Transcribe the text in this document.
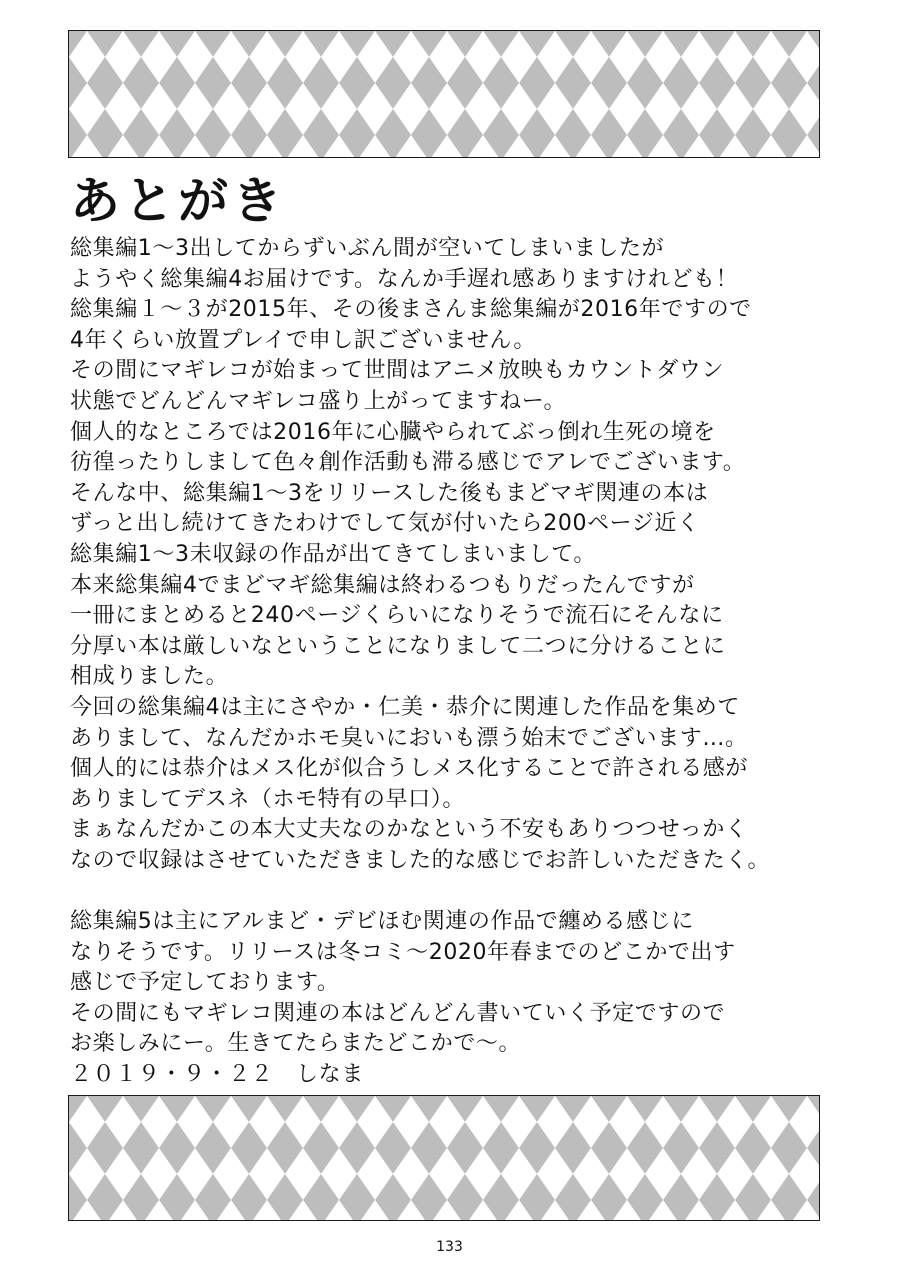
あとがき
総集編1〜3出してからずいぶん間が空いてしまいましたが
ようやく総集編4お届けです。なんか手遅れ感ありますけれども！
総集編１〜３が2015年、その後まさんま総集編が2016年ですので
4年くらい放置プレイで申し訳ございません。
その間にマギレコが始まって世間はアニメ放映もカウントダウン
状態でどんどんマギレコ盛り上がってますねー。
個人的なところでは2016年に心臓やられてぶっ倒れ生死の境を
彷徨ったりしまして色々創作活動も滞る感じでアレでございます。
そんな中、総集編1〜3をリリースした後もまどマギ関連の本は
ずっと出し続けてきたわけでして気が付いたら200ページ近く
総集編1〜3未収録の作品が出てきてしまいまして。
本来総集編4でまどマギ総集編は終わるつもりだったんですが
一冊にまとめると240ページくらいになりそうで流石にそんなに
分厚い本は厳しいなということになりまして二つに分けることに
相成りました。
今回の総集編4は主にさやか・仁美・恭介に関連した作品を集めて
ありまして、なんだかホモ臭いにおいも漂う始末でございます…。
個人的には恭介はメス化が似合うしメス化することで許される感が
ありましてデスネ（ホモ特有の早口）。
まぁなんだかこの本大丈夫なのかなという不安もありつつせっかく
なので収録はさせていただきました的な感じでお許しいただきたく。
総集編5は主にアルまど・デビほむ関連の作品で纏める感じに
なりそうです。リリースは冬コミ〜2020年春までのどこかで出す
感じで予定しております。
その間にもマギレコ関連の本はどんどん書いていく予定ですので
お楽しみにー。生きてたらまたどこかで〜。
２０１９・９・２２　しなま
133
